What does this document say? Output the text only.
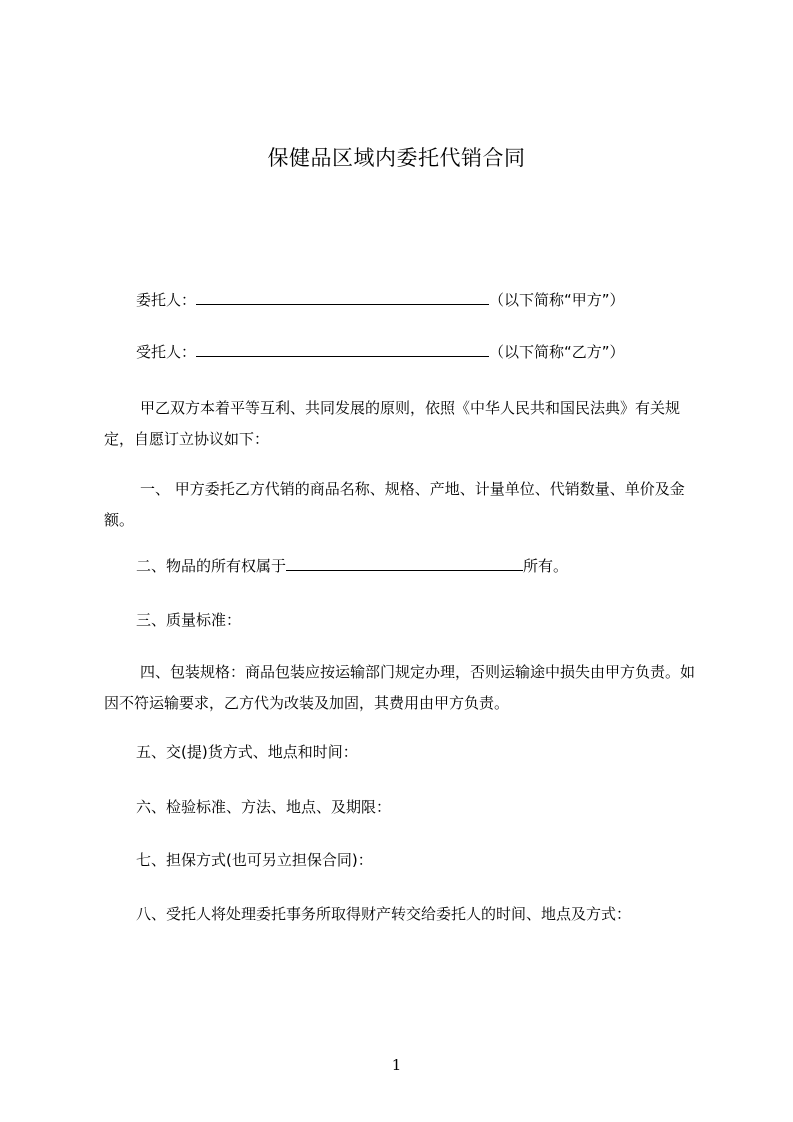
保健品区域内委托代销合同
委托人：	（以下简称“甲方”）
受托人：	（以下简称“乙方”）
甲乙双方本着平等互利、共同发展的原则，依照《中华人民共和国民法典》有关规定，自愿订立协议如下：
一、 甲方委托乙方代销的商品名称、规格、产地、计量单位、代销数量、单价及金额。
二、物品的所有权属于	所有。
三、质量标准：
四、包装规格：商品包装应按运输部门规定办理，否则运输途中损失由甲方负责。如因不符运输要求，乙方代为改装及加固，其费用由甲方负责。
五、交(提)货方式、地点和时间：
六、检验标准、方法、地点、及期限：
七、担保方式(也可另立担保合同)：
八、受托人将处理委托事务所取得财产转交给委托人的时间、地点及方式：
1
